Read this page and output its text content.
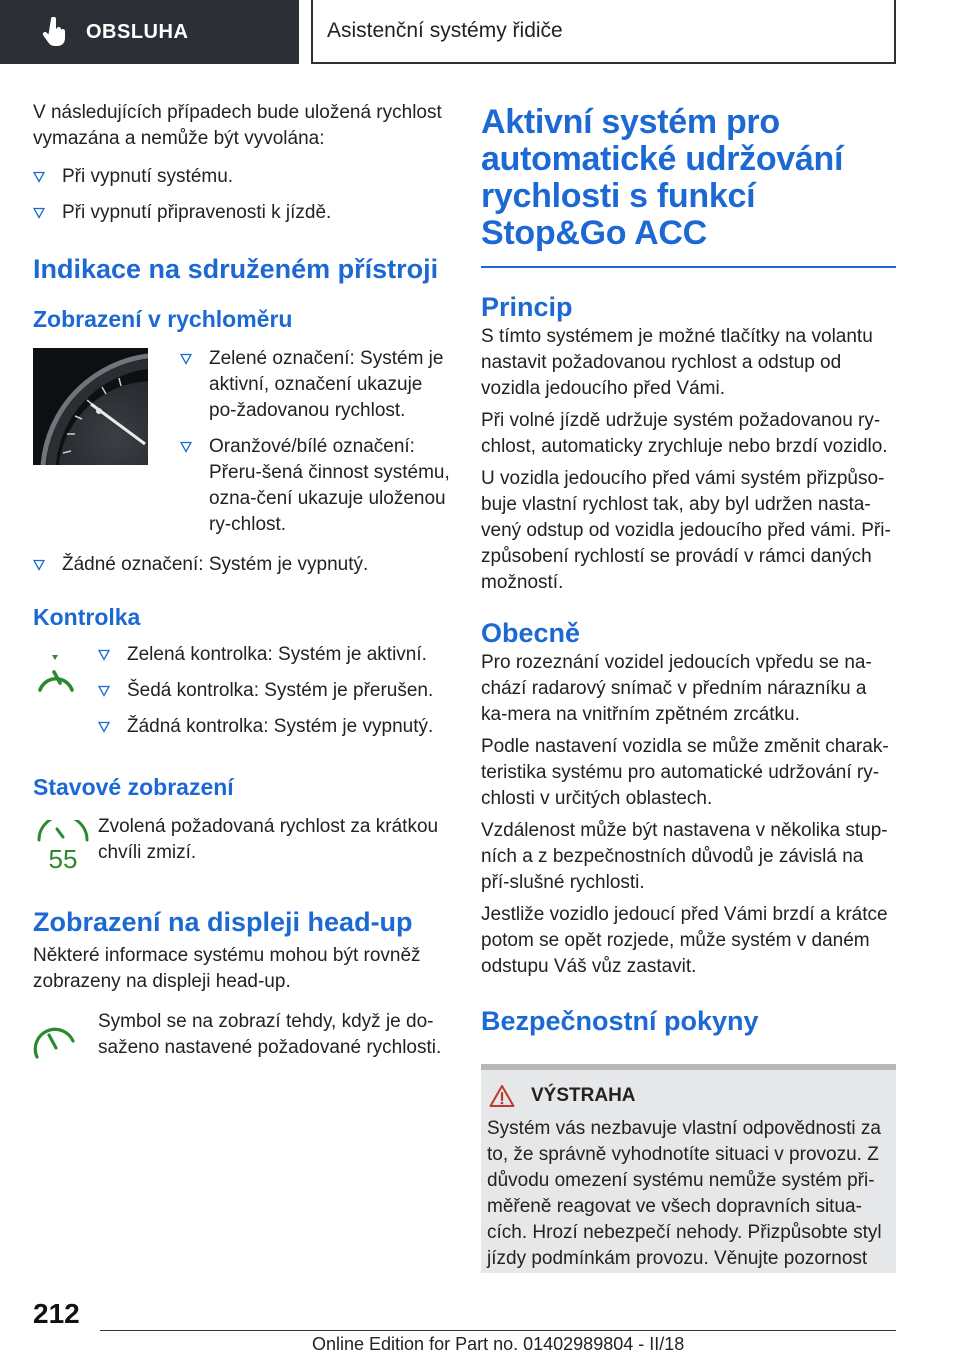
OBSLUHA	Asistenční systémy řidiče

V následujících případech bude uložená rychlost vymazána a nemůže být vyvolána:

Při vypnutí systému.
Při vypnutí připravenosti k jízdě.
Indikace na sdruženém přístroji
Zobrazení v rychloměru
Zelené označení: Systém je aktivní, označení ukazuje po-žadovanou rychlost.
Oranžové/bílé označení: Přeru-šená činnost systému, ozna-čení ukazuje uloženou ry-chlost.
Žádné označení: Systém je vypnutý.
Kontrolka
Zelená kontrolka: Systém je aktivní.
Šedá kontrolka: Systém je přerušen.
Žádná kontrolka: Systém je vypnutý.
Stavové zobrazení
55

Zvolená požadovaná rychlost za krátkou chvíli zmizí.

Zobrazení na displeji head-up

Některé informace systému mohou být rovněž zobrazeny na displeji head-up.

Symbol se na zobrazí tehdy, když je do-saženo nastavené požadované rychlosti.

Aktivní systém pro automatické udržování rychlosti s funkcí Stop&Go ACC
Princip

S tímto systémem je možné tlačítky na volantu nastavit požadovanou rychlost a odstup od vozidla jedoucího před Vámi.

Při volné jízdě udržuje systém požadovanou ry-chlost, automaticky zrychluje nebo brzdí vozidlo.

U vozidla jedoucího před vámi systém přizpůso-buje vlastní rychlost tak, aby byl udržen nasta-vený odstup od vozidla jedoucího před vámi. Při-způsobení rychlostí se provádí v rámci daných možností.

Obecně

Pro rozeznání vozidel jedoucích vpředu se na-chází radarový snímač v předním nárazníku a ka-mera na vnitřním zpětném zrcátku.

Podle nastavení vozidla se může změnit charak-teristika systému pro automatické udržování ry-chlosti v určitých oblastech.

Vzdálenost může být nastavena v několika stup-ních a z bezpečnostních důvodů je závislá na pří-slušné rychlosti.

Jestliže vozidlo jedoucí před Vámi brzdí a krátce potom se opět rozjede, může systém v daném odstupu Váš vůz zastavit.

Bezpečnostní pokyny
VÝSTRAHA

Systém vás nezbavuje vlastní odpovědnosti za to, že správně vyhodnotíte situaci v provozu. Z důvodu omezení systému nemůže systém při-měřeně reagovat ve všech dopravních situa-cích. Hrozí nebezpečí nehody. Přizpůsobte styl jízdy podmínkám provozu. Věnujte pozornost

212
Online Edition for Part no. 01402989804 - II/18
